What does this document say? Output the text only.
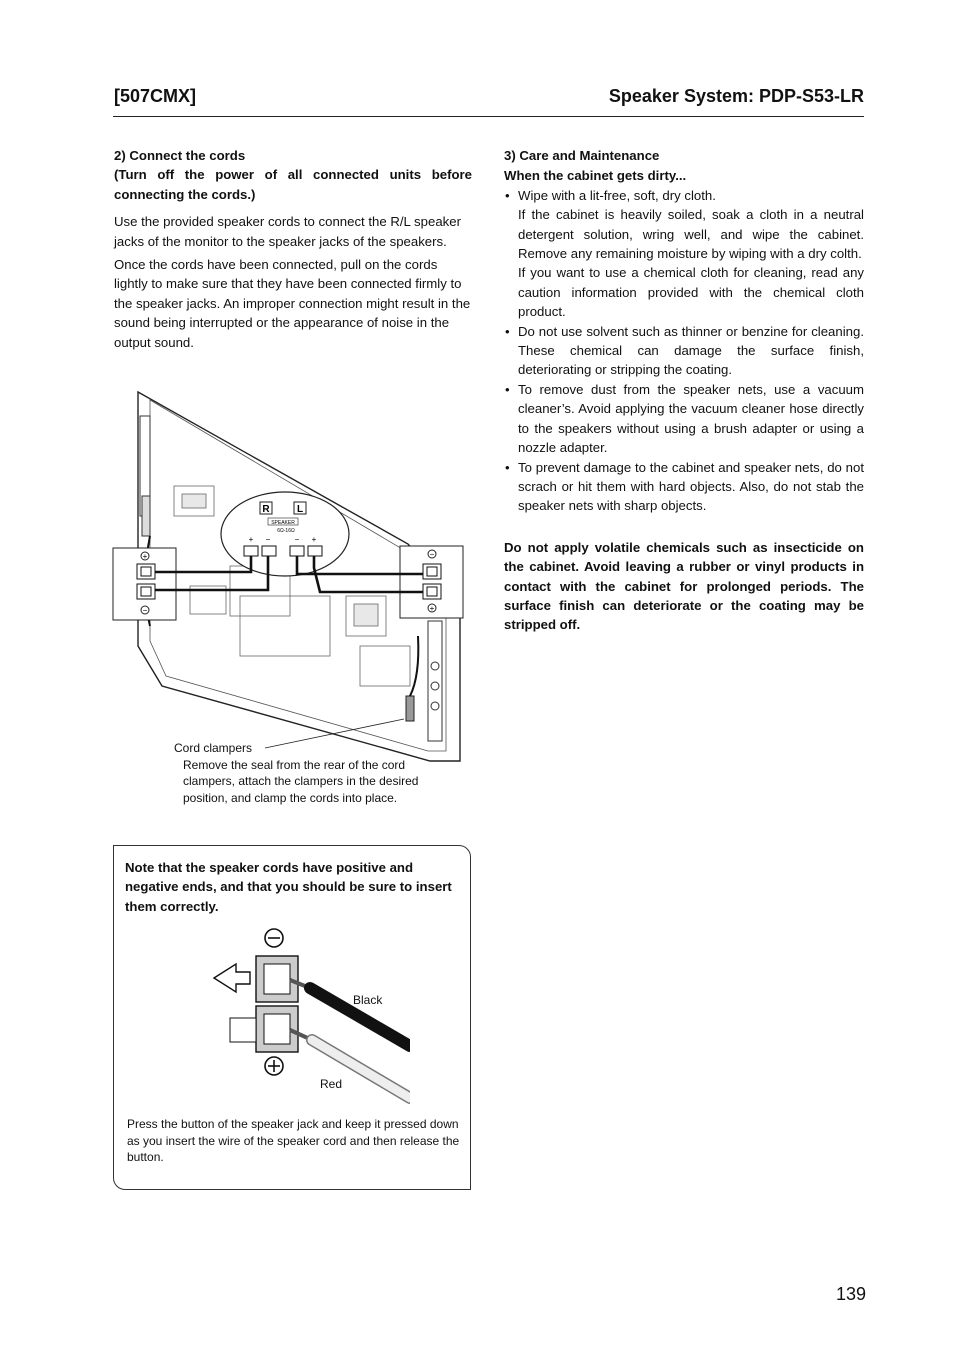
[507CMX]	Speaker System: PDP-S53-LR

2) Connect the cords

(Turn off the power of all connected units before connecting the cords.)

Use the provided speaker cords to connect the R/L speaker jacks of the monitor to the speaker jacks of the speakers.

Once the cords have been connected, pull on the cords lightly to make sure that they have been connected firmly to the speaker jacks. An improper connection might result in the sound being interrupted or the appearance of noise in the output sound.

R	L
SPEAKER
6Ω-16Ω
+ −	− +
+
−
−
+
Cord clampers
Remove the seal from the rear of the cord clampers, attach the clampers in the desired position, and clamp the cords into place.
Note that the speaker cords have positive and negative ends, and that you should be sure to insert them correctly.
Black
Red
Press the button of the speaker jack and keep it pressed down as you insert the wire of the speaker cord and then release the button.

3) Care and Maintenance

When the cabinet gets dirty...

• Wipe with a lit-free, soft, dry cloth.
If the cabinet is heavily soiled, soak a cloth in a neutral detergent solution, wring well, and wipe the cabinet. Remove any remaining moisture by wiping with a dry colth.
If you want to use a chemical cloth for cleaning, read any caution information provided with the chemical cloth product.
• Do not use solvent such as thinner or benzine for cleaning. These chemical can damage the surface finish, deteriorating or stripping the coating.
• To remove dust from the speaker nets, use a vacuum cleaner’s. Avoid applying the vacuum cleaner hose directly to the speakers without using a brush adapter or using a nozzle adapter.
• To prevent damage to the cabinet and speaker nets, do not scrach or hit them with hard objects. Also, do not stab the speaker nets with sharp objects.

Do not apply volatile chemicals such as insecticide on the cabinet. Avoid leaving a rubber or vinyl products in contact with the cabinet for prolonged periods. The surface finish can deteriorate or the coating may be stripped off.

139
